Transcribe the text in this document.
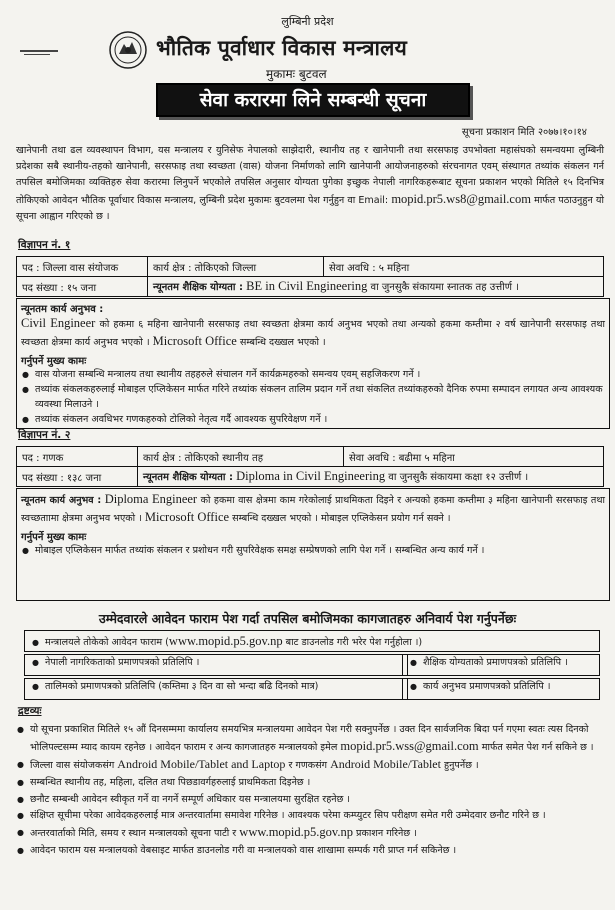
लुम्बिनी प्रदेश
भौतिक पूर्वाधार विकास मन्त्रालय
मुकामः बुटवल
सेवा करारमा लिने सम्बन्धी सूचना
सूचना प्रकाशन मिति २०७७।१०।१४
खानेपानी तथा ढल व्यवस्थापन विभाग, यस मन्त्रालय र युनिसेफ नेपालको साझेदारी, स्थानीय तह र खानेपानी तथा सरसफाइ उपभोक्ता महासंघको समन्वयमा लुम्बिनी प्रदेशका सबै स्थानीय-तहको खानेपानी, सरसफाइ तथा स्वच्छता (वास) योजना निर्माणको लागि खानेपानी आयोजनाहरुको संरचनागत एवम् संस्थागत तथ्यांक संकलन गर्न तपसिल बमोजिमका व्यक्तिहरु सेवा करारमा लिनुपर्ने भएकोले तपसिल अनुसार योग्यता पुगेका इच्छुक नेपाली नागरिकहरूबाट सूचना प्रकाशन भएको मितिले १५ दिनभित्र तोकिएको आवेदन भौतिक पूर्वाधार विकास मन्त्रालय, लुम्बिनी प्रदेश मुकामः बुटवलमा पेश गर्नुहुन वा Email: mopid.pr5.ws8@gmail.com मार्फत पठाउनुहुन यो सूचना आह्वान गरिएको छ ।
विज्ञापन नं. १
पद : जिल्ला वास संयोजक	कार्य क्षेत्र : तोकिएको जिल्ला	सेवा अवधि : ५ महिना
पद संख्या : १५ जना	न्यूनतम शैक्षिक योग्यता : BE in Civil Engineering वा जुनसुकै संकायमा स्नातक तह उत्तीर्ण ।	
न्यूनतम कार्य अनुभव :
Civil Engineer को हकमा ६ महिना खानेपानी सरसफाइ तथा स्वच्छता क्षेत्रमा कार्य अनुभव भएको तथा अन्यको हकमा कम्तीमा २ वर्ष खानेपानी सरसफाइ तथा स्वच्छता क्षेत्रमा कार्य अनुभव भएको । Microsoft Office सम्बन्धि दख्खल भएको ।
गर्नुपर्ने मुख्य कामः
● वास योजना सम्बन्धि मन्त्रालय तथा स्थानीय तहहरुले संचालन गर्ने कार्यक्रमहरुको समन्वय एवम् सहजिकरण गर्ने ।
● तथ्यांक संकलकहरुलाई मोबाइल एप्लिकेसन मार्फत गरिने तथ्यांक संकलन तालिम प्रदान गर्ने तथा संकलित तथ्यांकहरुको दैनिक रुपमा सम्पादन लगायत अन्य आवश्यक व्यवस्था मिलाउने ।
● तथ्यांक संकलन अवधिभर गणकहरुको टोलिको नेतृत्व गर्दै आवश्यक सुपरिवेक्षण गर्ने ।
विज्ञापन नं. २
पद : गणक	कार्य क्षेत्र : तोकिएको स्थानीय तह	सेवा अवधि : बढीमा ५ महिना
पद संख्या : १३८ जना	न्यूनतम शैक्षिक योग्यता : Diploma in Civil Engineering वा जुनसुकै संकायमा कक्षा १२ उत्तीर्ण ।	
न्यूनतम कार्य अनुभव : Diploma Engineer को हकमा वास क्षेत्रमा काम गरेकोलाई प्राथमिकता दिइने र अन्यको हकमा कम्तीमा ३ महिना खानेपानी सरसफाइ तथा स्वच्छताामा क्षेत्रमा अनुभव भएको । Microsoft Office सम्बन्धि दख्खल भएको । मोबाइल एप्लिकेसन प्रयोग गर्न सक्ने ।
गर्नुपर्ने मुख्य कामः
● मोबाइल एप्लिकेसन मार्फत तथ्यांक संकलन र प्रशोधन गरी सुपरिवेक्षक समक्ष सम्प्रेषणको लागि पेश गर्ने । सम्बन्धित अन्य कार्य गर्ने ।
उम्मेदवारले आवेदन फाराम पेश गर्दा तपसिल बमोजिमका कागजातहरु अनिवार्य पेश गर्नुपर्नेछः
● मन्त्रालयले तोकेको आवेदन फाराम (www.mopid.p5.gov.np बाट डाउनलोड गरी भरेर पेश गर्नुहोला ।)
● नेपाली नागरिकताको प्रमाणपत्रको प्रतिलिपि ।	● शैक्षिक योग्यताको प्रमाणपत्रको प्रतिलिपि ।
● तालिमको प्रमाणपत्रको प्रतिलिपि (कम्तिमा ३ दिन वा सो भन्दा बढि दिनको मात्र)	● कार्य अनुभव प्रमाणपत्रको प्रतिलिपि ।
द्रष्टव्यः
● यो सूचना प्रकाशित मितिले १५ औं दिनसम्ममा कार्यालय समयभित्र मन्त्रालयमा आवेदन पेश गरी सक्नुपर्नेछ । उक्त दिन सार्वजनिक बिदा पर्न गएमा स्वतः त्यस दिनको भोलिपल्टसम्म म्याद कायम रहनेछ । आवेदन फाराम र अन्य कागजातहरु मन्त्रालयको इमेल mopid.pr5.wss@gmail.com मार्फत समेत पेश गर्न सकिने छ ।
● जिल्ला वास संयोजकसंग Android Mobile/Tablet and Laptop र गणकसंग Android Mobile/Tablet हुनुपर्नेछ ।
● सम्बन्धित स्थानीय तह, महिला, दलित तथा पिछडावर्गहरुलाई प्राथमिकता दिइनेछ ।
● छनौट सम्बन्धी आवेदन स्वीकृत गर्ने वा नगर्ने सम्पूर्ण अधिकार यस मन्त्रालयमा सुरक्षित रहनेछ ।
● संक्षिप्त सूचीमा परेका आवेदकहरुलाई मात्र अन्तरवार्तामा समावेश गरिनेछ । आवश्यक परेमा कम्प्युटर सिप परीक्षण समेत गरी उम्मेदवार छनौट गरिने छ ।
● अन्तरवार्ताको मिति, समय र स्थान मन्त्रालयको सूचना पाटी र www.mopid.p5.gov.np प्रकाशन गरिनेछ ।
● आवेदन फाराम यस मन्त्रालयको वेबसाइट मार्फत डाउनलोड गरी वा मन्त्रालयको वास शाखामा सम्पर्क गरी प्राप्त गर्न सकिनेछ ।
